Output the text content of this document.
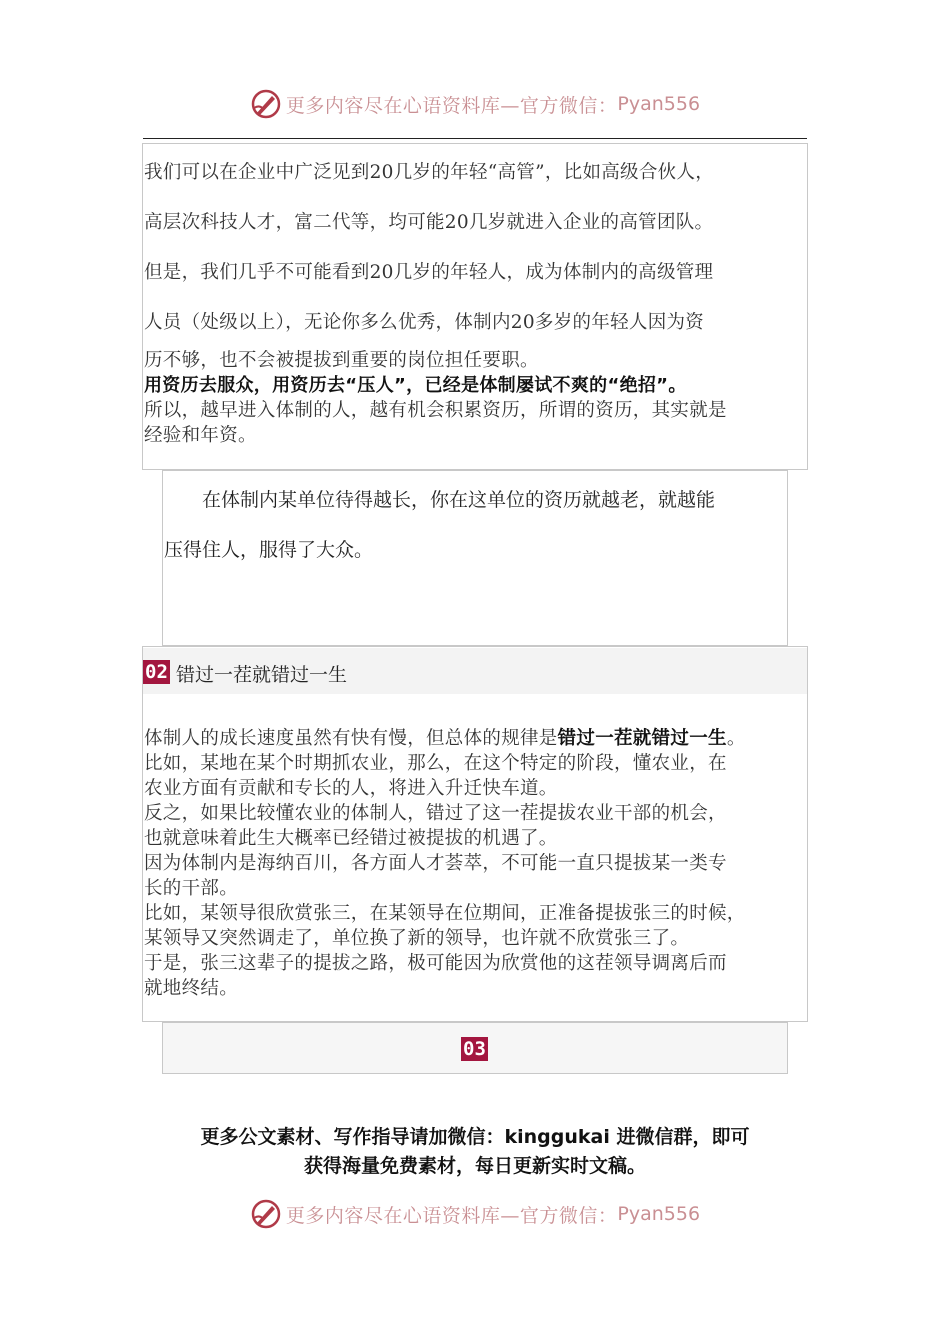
更多内容尽在心语资料库—官方微信： Pyan556
我们可以在企业中广泛见到20几岁的年轻“高管”，比如高级合伙人，
高层次科技人才，富二代等，均可能20几岁就进入企业的高管团队。
但是，我们几乎不可能看到20几岁的年轻人，成为体制内的高级管理
人员（处级以上），无论你多么优秀，体制内20多岁的年轻人因为资
历不够，也不会被提拔到重要的岗位担任要职。
用资历去服众，用资历去“压人”，已经是体制屡试不爽的“绝招”。
所以，越早进入体制的人，越有机会积累资历，所谓的资历，其实就是
经验和年资。
在体制内某单位待得越长，你在这单位的资历就越老，就越能
压得住人，服得了大众。
02 错过一茬就错过一生
体制人的成长速度虽然有快有慢，但总体的规律是错过一茬就错过一生。
比如，某地在某个时期抓农业，那么，在这个特定的阶段，懂农业，在
农业方面有贡献和专长的人，将进入升迁快车道。
反之，如果比较懂农业的体制人，错过了这一茬提拔农业干部的机会，
也就意味着此生大概率已经错过被提拔的机遇了。
因为体制内是海纳百川，各方面人才荟萃，不可能一直只提拔某一类专
长的干部。
比如，某领导很欣赏张三，在某领导在位期间，正准备提拔张三的时候，
某领导又突然调走了，单位换了新的领导，也许就不欣赏张三了。
于是，张三这辈子的提拔之路，极可能因为欣赏他的这茬领导调离后而
就地终结。
03
更多公文素材、写作指导请加微信：kinggukai 进微信群，即可
获得海量免费素材，每日更新实时文稿。
更多内容尽在心语资料库—官方微信： Pyan556
